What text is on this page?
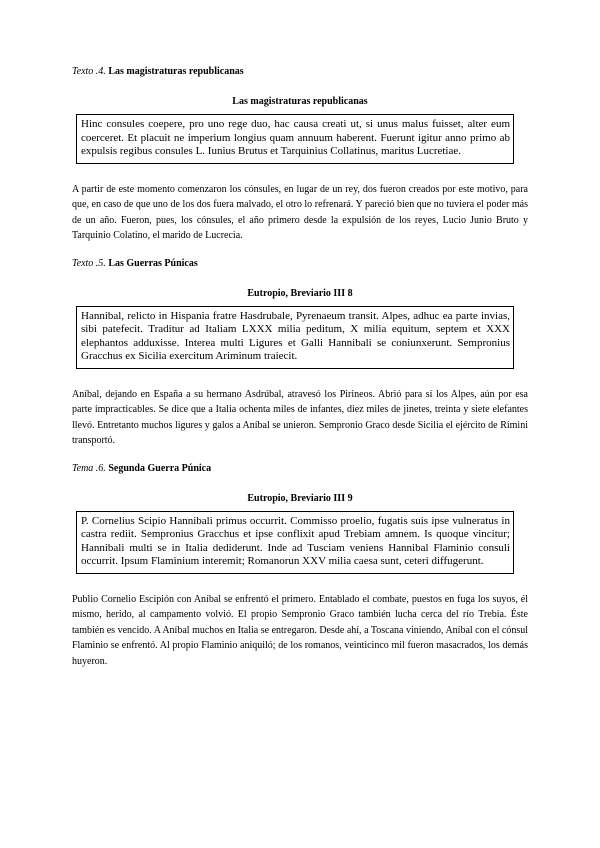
Texto .4. Las magistraturas republicanas

Las magistraturas republicanas

Hinc consules coepere, pro uno rege duo, hac causa creati ut, si unus malus fuisset, alter eum coerceret. Et placuit ne imperium longius quam annuum haberent. Fuerunt igitur anno primo ab expulsis regibus consules L. Iunius Brutus et Tarquinius Collatinus, maritus Lucretiae.

A partir de este momento comenzaron los cónsules, en lugar de un rey, dos fueron creados por este motivo, para que, en caso de que uno de los dos fuera malvado, el otro lo refrenará. Y pareció bien que no tuviera el poder más de un año. Fueron, pues, los cónsules, el año primero desde la expulsión de los reyes, Lucio Junio Bruto y Tarquinio Colatino, el marido de Lucrecia.

Texto .5. Las Guerras Púnicas

Eutropio, Breviario III 8

Hannibal, relicto in Hispania fratre Hasdrubale, Pyrenaeum transit. Alpes, adhuc ea parte invias, sibi patefecit. Traditur ad Italiam LXXX milia peditum, X milia equitum, septem et XXX elephantos adduxisse. Interea multi Ligures et Galli Hannibali se coniunxerunt. Sempronius Gracchus ex Sicilia exercitum Ariminum traiecit.

Aníbal, dejando en España a su hermano Asdrúbal, atravesó los Pirineos. Abrió para sí los Alpes, aún por esa parte impracticables. Se dice que a Italia ochenta miles de infantes, diez miles de jinetes, treinta y siete elefantes llevó. Entretanto muchos ligures y galos a Aníbal se unieron. Sempronio Graco desde Sicilia el ejército de Rímini transportó.

Tema .6. Segunda Guerra Púnica

Eutropio, Breviario III 9

P. Cornelius Scipio Hannibali primus occurrit. Commisso proelio, fugatis suis ipse vulneratus in castra rediit. Sempronius Gracchus et ipse conflixit apud Trebiam amnem. Is quoque vincitur; Hannibali multi se in Italia dediderunt. Inde ad Tusciam veniens Hannibal Flaminio consuli occurrit. Ipsum Flaminium interemit; Romanorun XXV milia caesa sunt, ceteri diffugerunt.

Publio Cornelio Escipión con Aníbal se enfrentó el primero. Entablado el combate, puestos en fuga los suyos, él mismo, herido, al campamento volvió. El propio Sempronio Graco también lucha cerca del río Trebia. Éste también es vencido. A Aníbal muchos en Italia se entregaron. Desde ahí, a Toscana viniendo, Aníbal con el cónsul Flaminio se enfrentó. Al propio Flaminio aniquiló; de los romanos, veinticinco mil fueron masacrados, los demás huyeron.
